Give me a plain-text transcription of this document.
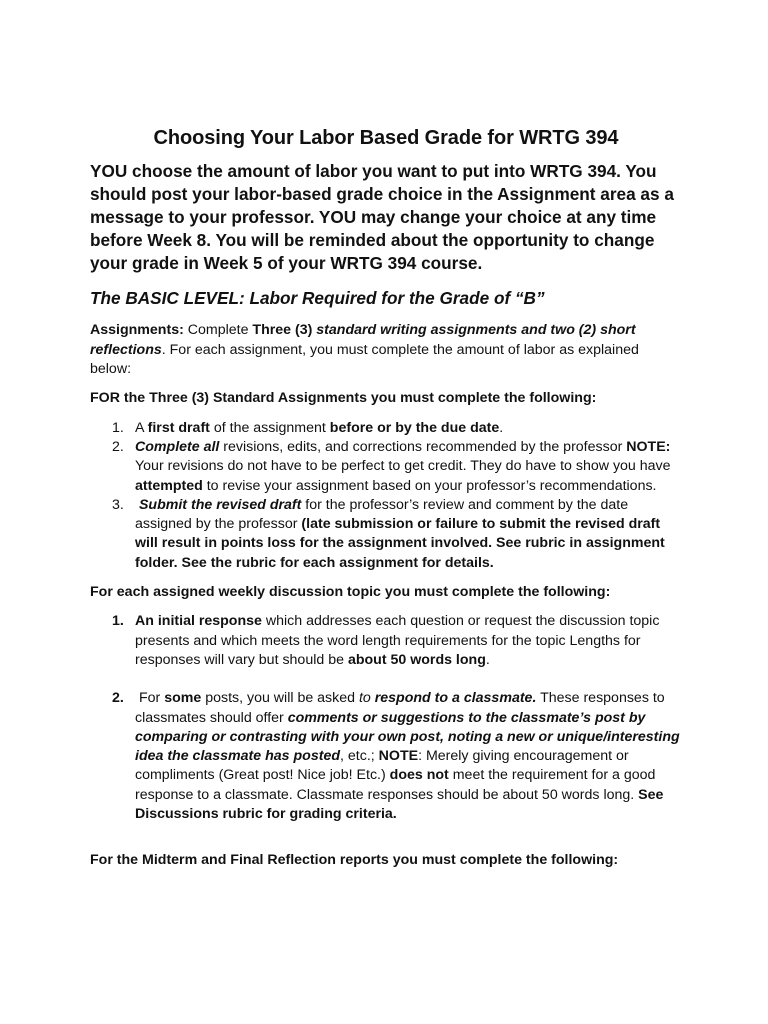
Choosing Your Labor Based Grade for WRTG 394

YOU choose the amount of labor you want to put into WRTG 394. You should post your labor-based grade choice in the Assignment area as a message to your professor. YOU may change your choice at any time before Week 8. You will be reminded about the opportunity to change your grade in Week 5 of your WRTG 394 course.

The BASIC LEVEL: Labor Required for the Grade of “B”

Assignments: Complete Three (3) standard writing assignments and two (2) short reflections. For each assignment, you must complete the amount of labor as explained below:

FOR the Three (3) Standard Assignments you must complete the following:

1. A first draft of the assignment before or by the due date.
2. Complete all revisions, edits, and corrections recommended by the professor NOTE: Your revisions do not have to be perfect to get credit. They do have to show you have attempted to revise your assignment based on your professor’s recommendations.
3. Submit the revised draft for the professor’s review and comment by the date assigned by the professor (late submission or failure to submit the revised draft will result in points loss for the assignment involved. See rubric in assignment folder. See the rubric for each assignment for details.

For each assigned weekly discussion topic you must complete the following:

1. An initial response which addresses each question or request the discussion topic presents and which meets the word length requirements for the topic Lengths for responses will vary but should be about 50 words long.
2. For some posts, you will be asked to respond to a classmate. These responses to classmates should offer comments or suggestions to the classmate’s post by comparing or contrasting with your own post, noting a new or unique/interesting idea the classmate has posted, etc.; NOTE: Merely giving encouragement or compliments (Great post! Nice job! Etc.) does not meet the requirement for a good response to a classmate. Classmate responses should be about 50 words long. See Discussions rubric for grading criteria.

For the Midterm and Final Reflection reports you must complete the following:
